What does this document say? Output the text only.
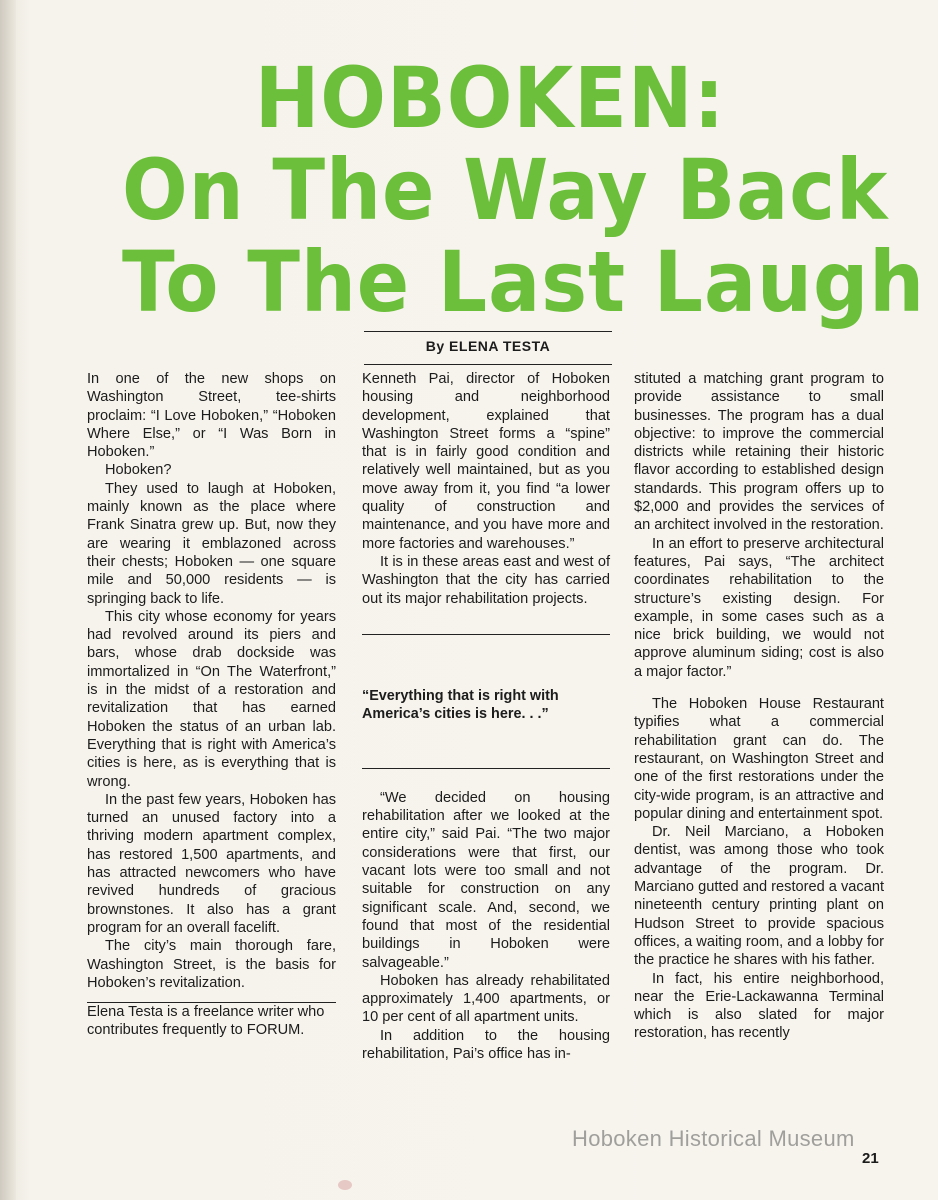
HOBOKEN:
On The Way Back
To The Last Laugh
By ELENA TESTA

In one of the new shops on Washington Street, tee-shirts proclaim: “I Love Hoboken,” “Hoboken Where Else,” or “I Was Born in Hoboken.”

Hoboken?

They used to laugh at Hoboken, mainly known as the place where Frank Sinatra grew up. But, now they are wearing it emblazoned across their chests; Hoboken — one square mile and 50,000 residents — is springing back to life.

This city whose economy for years had revolved around its piers and bars, whose drab dockside was immortalized in “On The Waterfront,” is in the midst of a restoration and revitalization that has earned Hoboken the status of an urban lab. Everything that is right with America’s cities is here, as is everything that is wrong.

In the past few years, Hoboken has turned an unused factory into a thriving modern apartment complex, has restored 1,500 apartments, and has attracted newcomers who have revived hundreds of gracious brownstones. It also has a grant program for an overall facelift.

The city’s main thorough fare, Washington Street, is the basis for Hoboken’s revitalization.

Elena Testa is a freelance writer who contributes frequently to FORUM.

Kenneth Pai, director of Hoboken housing and neighborhood development, explained that Washington Street forms a “spine” that is in fairly good condition and relatively well maintained, but as you move away from it, you find “a lower quality of construction and maintenance, and you have more and more factories and warehouses.”

It is in these areas east and west of Washington that the city has carried out its major rehabilitation projects.

“Everything that is right with America’s cities is here. . .”

“We decided on housing rehabilitation after we looked at the entire city,” said Pai. “The two major considerations were that first, our vacant lots were too small and not suitable for construction on any significant scale. And, second, we found that most of the residential buildings in Hoboken were salvageable.”

Hoboken has already rehabilitated approximately 1,400 apartments, or 10 per cent of all apartment units.

In addition to the housing rehabilitation, Pai’s office has in-

stituted a matching grant program to provide assistance to small businesses. The program has a dual objective: to improve the commercial districts while retaining their historic flavor according to established design standards. This program offers up to $2,000 and provides the services of an architect involved in the restoration.

In an effort to preserve architectural features, Pai says, “The architect coordinates rehabilitation to the structure’s existing design. For example, in some cases such as a nice brick building, we would not approve aluminum siding; cost is also a major factor.”

The Hoboken House Restaurant typifies what a commercial rehabilitation grant can do. The restaurant, on Washington Street and one of the first restorations under the city-wide program, is an attractive and popular dining and entertainment spot.

Dr. Neil Marciano, a Hoboken dentist, was among those who took advantage of the program. Dr. Marciano gutted and restored a vacant nineteenth century printing plant on Hudson Street to provide spacious offices, a waiting room, and a lobby for the practice he shares with his father.

In fact, his entire neighborhood, near the Erie-Lackawanna Terminal which is also slated for major restoration, has recently

Hoboken Historical Museum
21
